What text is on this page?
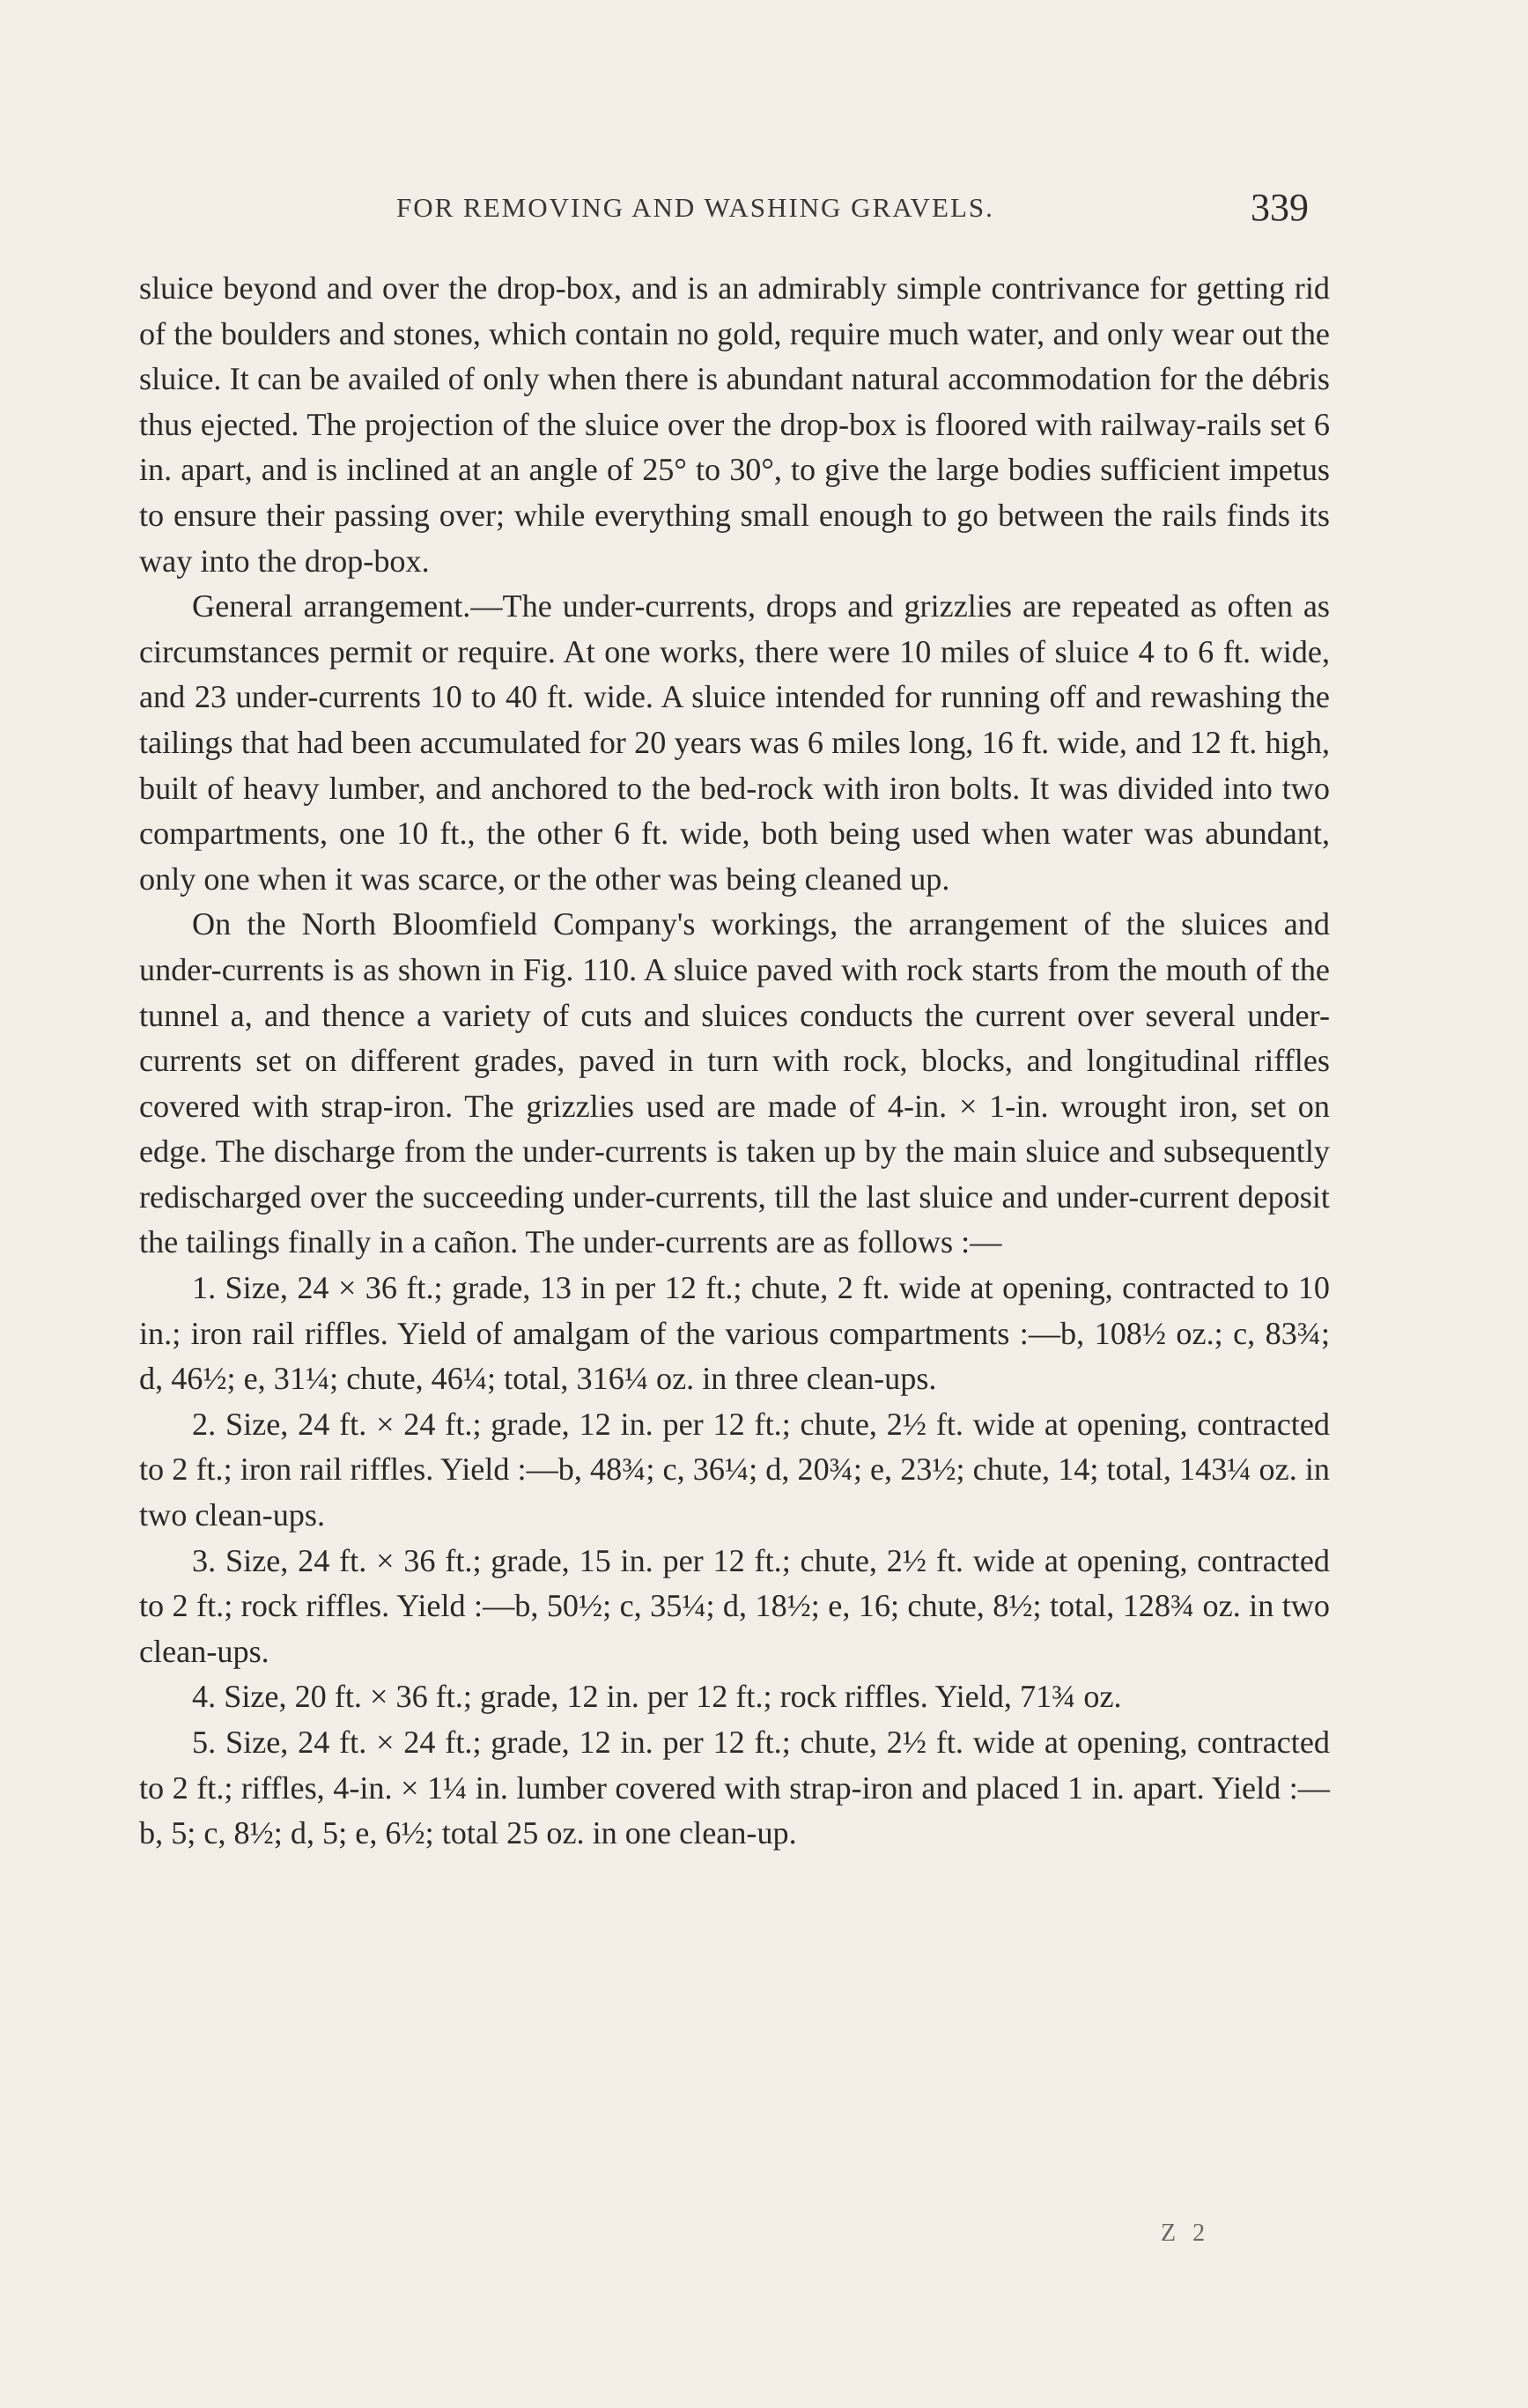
FOR REMOVING AND WASHING GRAVELS.	339

sluice beyond and over the drop-box, and is an admirably simple contrivance for getting rid of the boulders and stones, which contain no gold, require much water, and only wear out the sluice. It can be availed of only when there is abundant natural accommodation for the débris thus ejected. The projection of the sluice over the drop-box is floored with railway-rails set 6 in. apart, and is inclined at an angle of 25° to 30°, to give the large bodies sufficient impetus to ensure their passing over; while everything small enough to go between the rails finds its way into the drop-box.

General arrangement.—The under-currents, drops and grizzlies are repeated as often as circumstances permit or require. At one works, there were 10 miles of sluice 4 to 6 ft. wide, and 23 under-currents 10 to 40 ft. wide. A sluice intended for running off and rewashing the tailings that had been accumulated for 20 years was 6 miles long, 16 ft. wide, and 12 ft. high, built of heavy lumber, and anchored to the bed-rock with iron bolts. It was divided into two compartments, one 10 ft., the other 6 ft. wide, both being used when water was abundant, only one when it was scarce, or the other was being cleaned up.

On the North Bloomfield Company's workings, the arrangement of the sluices and under-currents is as shown in Fig. 110. A sluice paved with rock starts from the mouth of the tunnel a, and thence a variety of cuts and sluices conducts the current over several under-currents set on different grades, paved in turn with rock, blocks, and longitudinal riffles covered with strap-iron. The grizzlies used are made of 4-in. × 1-in. wrought iron, set on edge. The discharge from the under-currents is taken up by the main sluice and subsequently redischarged over the succeeding under-currents, till the last sluice and under-current deposit the tailings finally in a cañon. The under-currents are as follows :—

1. Size, 24 × 36 ft.; grade, 13 in per 12 ft.; chute, 2 ft. wide at opening, contracted to 10 in.; iron rail riffles. Yield of amalgam of the various compartments :—b, 108½ oz.; c, 83¾; d, 46½; e, 31¼; chute, 46¼; total, 316¼ oz. in three clean-ups.

2. Size, 24 ft. × 24 ft.; grade, 12 in. per 12 ft.; chute, 2½ ft. wide at opening, contracted to 2 ft.; iron rail riffles. Yield :—b, 48¾; c, 36¼; d, 20¾; e, 23½; chute, 14; total, 143¼ oz. in two clean-ups.

3. Size, 24 ft. × 36 ft.; grade, 15 in. per 12 ft.; chute, 2½ ft. wide at opening, contracted to 2 ft.; rock riffles. Yield :—b, 50½; c, 35¼; d, 18½; e, 16; chute, 8½; total, 128¾ oz. in two clean-ups.

4. Size, 20 ft. × 36 ft.; grade, 12 in. per 12 ft.; rock riffles. Yield, 71¾ oz.

5. Size, 24 ft. × 24 ft.; grade, 12 in. per 12 ft.; chute, 2½ ft. wide at opening, contracted to 2 ft.; riffles, 4-in. × 1¼ in. lumber covered with strap-iron and placed 1 in. apart. Yield :—b, 5; c, 8½; d, 5; e, 6½; total 25 oz. in one clean-up.

Z 2
